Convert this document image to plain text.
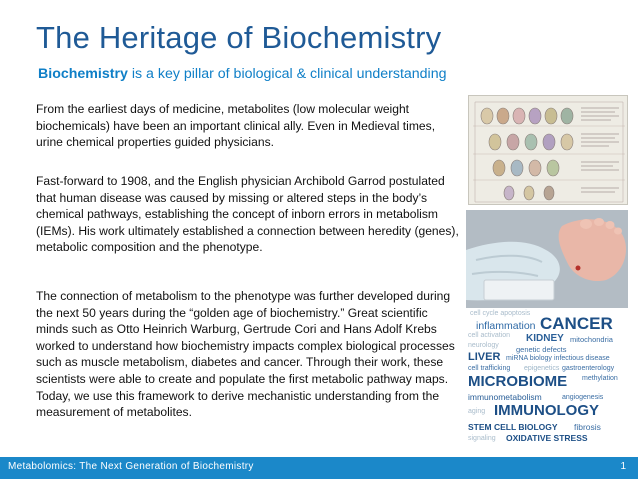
The Heritage of Biochemistry
Biochemistry is a key pillar of biological & clinical understanding

From the earliest days of medicine, metabolites (low molecular weight biochemicals) have been an important clinical ally. Even in Medieval times, urine chemical properties guided physicians.

Fast-forward to 1908, and the English physician Archibold Garrod postulated that human disease was caused by missing or altered steps in the body’s chemical pathways, establishing the concept of inborn errors in metabolism (IEMs). His work ultimately established a connection between heredity (genes), metabolic composition and the phenotype.

The connection of metabolism to the phenotype was further developed during the next 50 years during the “golden age of biochemistry.” Great scientific minds such as Otto Heinrich Warburg, Gertrude Cori and Hans Adolf Krebs worked to understand how biochemistry impacts complex biological processes such as muscle metabolism, diabetes and cancer. Through their work, these scientists were able to create and populate the first metabolic pathway maps. Today, we use this framework to derive mechanistic understanding from the measurement of metabolites.

cell cycle apoptosis
inflammation CANCER
cell activation KIDNEY mitochondria
neurology genetic defects
LIVER miRNA biology infectious disease
cell trafficking epigenetics gastroenterology
MICROBIOME methylation
immunometabolism	angiogenesis
aging IMMUNOLOGY
STEM CELL BIOLOGY fibrosis
signaling OXIDATIVE STRESS
Metabolomics: The Next Generation of Biochemistry	1
